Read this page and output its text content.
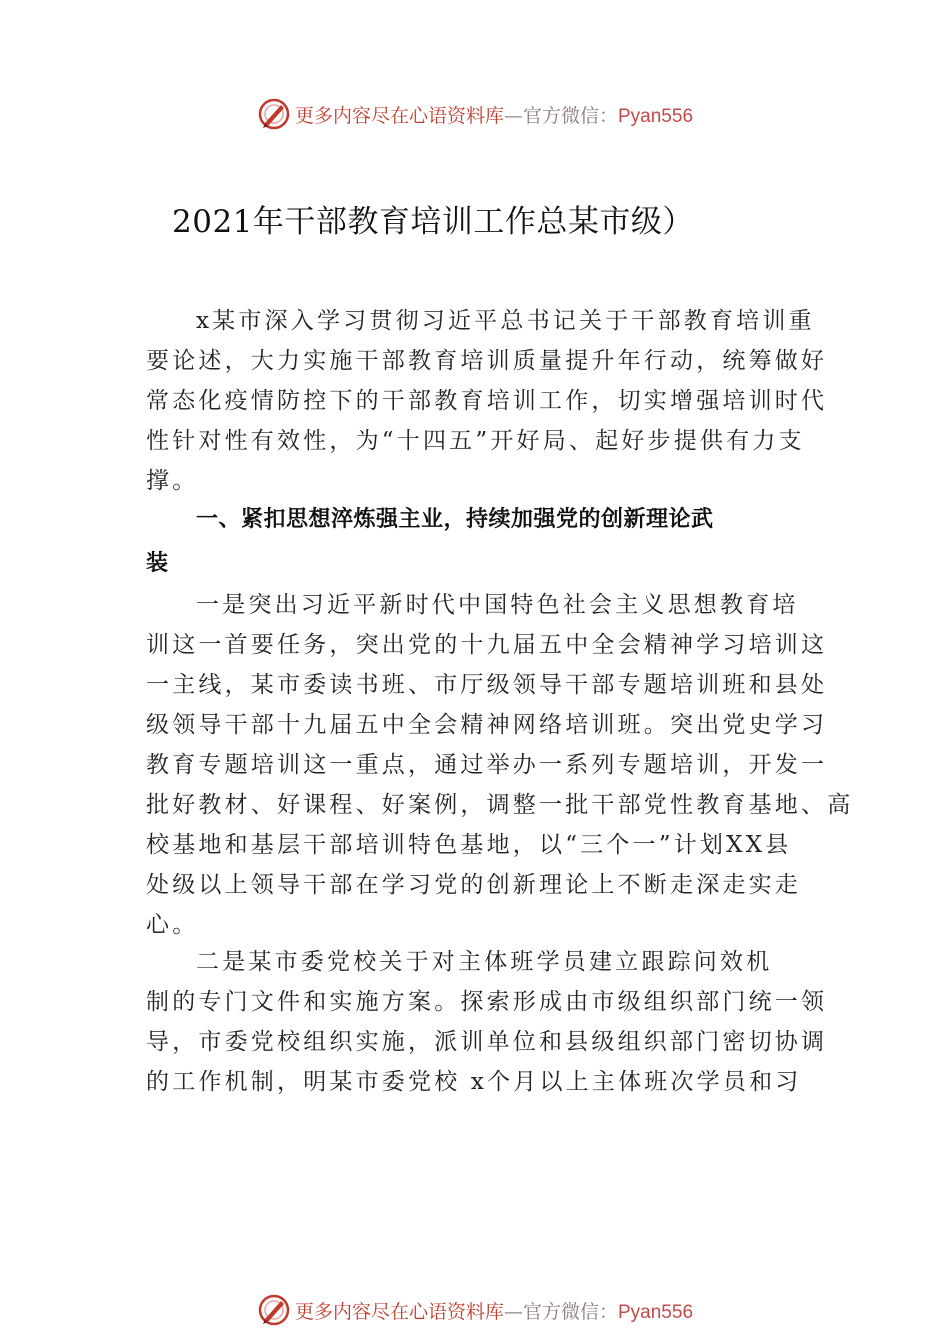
更多内容尽在心语资料库—官方微信：Pyan556
2021年干部教育培训工作总某市级）
x某市深入学习贯彻习近平总书记关于干部教育培训重
要论述，大力实施干部教育培训质量提升年行动，统筹做好
常态化疫情防控下的干部教育培训工作，切实增强培训时代
性针对性有效性，为“十四五”开好局、起好步提供有力支
撑。
一、紧扣思想淬炼强主业，持续加强党的创新理论武
装
一是突出习近平新时代中国特色社会主义思想教育培
训这一首要任务，突出党的十九届五中全会精神学习培训这
一主线，某市委读书班、市厅级领导干部专题培训班和县处
级领导干部十九届五中全会精神网络培训班。突出党史学习
教育专题培训这一重点，通过举办一系列专题培训，开发一
批好教材、好课程、好案例，调整一批干部党性教育基地、高
校基地和基层干部培训特色基地，以“三个一”计划XX县
处级以上领导干部在学习党的创新理论上不断走深走实走
心。
二是某市委党校关于对主体班学员建立跟踪问效机
制的专门文件和实施方案。探索形成由市级组织部门统一领
导，市委党校组织实施，派训单位和县级组织部门密切协调
的工作机制，明某市委党校 x个月以上主体班次学员和习
更多内容尽在心语资料库—官方微信：Pyan556
